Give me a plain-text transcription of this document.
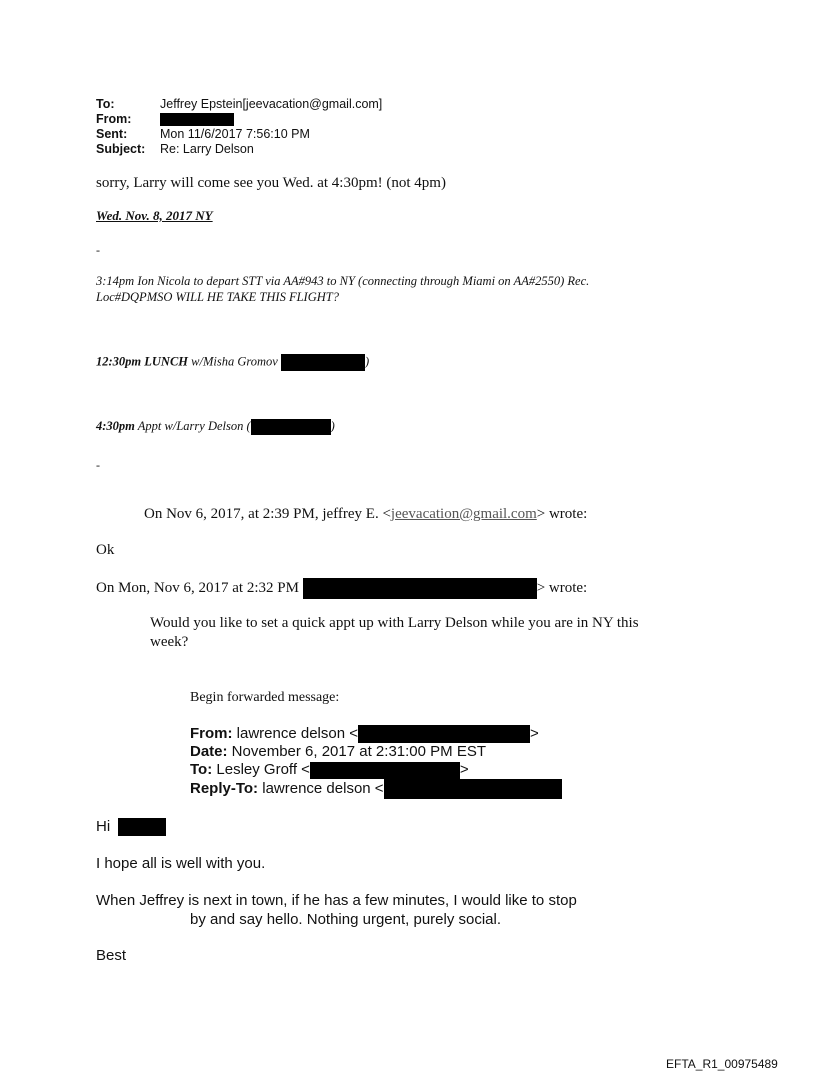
To:	Jeffrey Epstein[jeevacation@gmail.com]
From:
Sent:	Mon 11/6/2017 7:56:10 PM
Subject: Re: Larry Delson
sorry, Larry will come see you Wed. at 4:30pm! (not 4pm)
Wed. Nov. 8, 2017 NY
-
3:14pm Ion Nicola to depart STT via AA#943 to NY (connecting through Miami on AA#2550) Rec.
Loc#DQPMSO WILL HE TAKE THIS FLIGHT?
12:30pm LUNCH w/Misha Gromov	)
4:30pm Appt w/Larry Delson (	)
-
On Nov 6, 2017, at 2:39 PM, jeffrey E. <jeevacation@gmail.com> wrote:
Ok
On Mon, Nov 6, 2017 at 2:32 PM	> wrote:
Would you like to set a quick appt up with Larry Delson while you are in NY this
week?
Begin forwarded message:
From: lawrence delson <	>
Date: November 6, 2017 at 2:31:00 PM EST
To: Lesley Groff <	>
Reply-To: lawrence delson <
Hi
I hope all is well with you.
When Jeffrey is next in town, if he has a few minutes, I would like to stop
by and say hello. Nothing urgent, purely social.
Best
EFTA_R1_00975489
